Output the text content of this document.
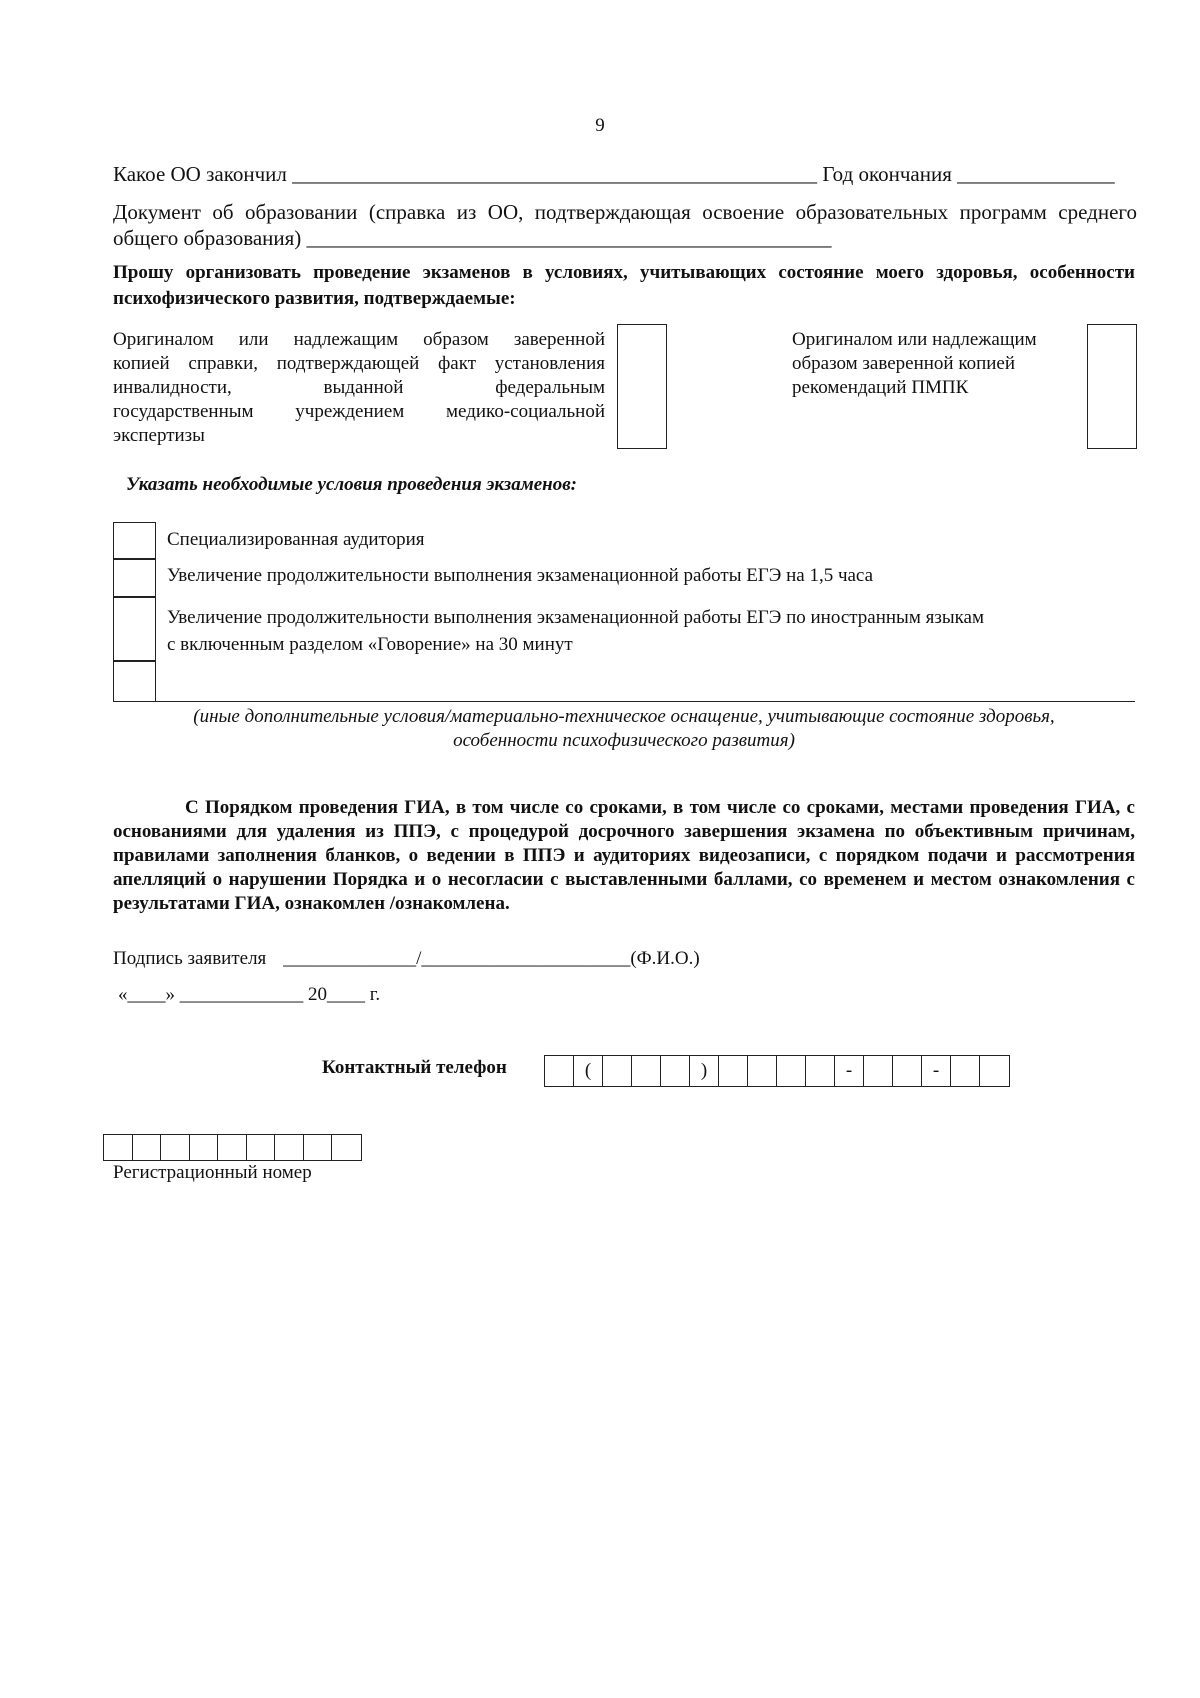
9
Какое ОО закончил __________________________________________________ Год окончания _______________
Документ об образовании (справка из ОО, подтверждающая освоение образовательных программ среднего
общего образования) __________________________________________________
Прошу организовать проведение экзаменов в условиях, учитывающих состояние моего здоровья, особенности психофизического развития, подтверждаемые:
Оригиналом или надлежащим образом заверенной
копией справки, подтверждающей факт установления
инвалидности, выданной федеральным
государственным учреждением медико-социальной
экспертизы
Оригиналом или надлежащим
образом заверенной копией
рекомендаций ПМПК
Указать необходимые условия проведения экзаменов:
Специализированная аудитория
Увеличение продолжительности выполнения экзаменационной работы ЕГЭ на 1,5 часа
Увеличение продолжительности выполнения экзаменационной работы ЕГЭ по иностранным языкам
с включенным разделом «Говорение» на 30 минут
(иные дополнительные условия/материально-техническое оснащение, учитывающие состояние здоровья,
особенности психофизического развития)
С Порядком проведения ГИА, в том числе со сроками, в том числе со сроками, местами проведения ГИА, с основаниями для удаления из ППЭ, с процедурой досрочного завершения экзамена по объективным причинам, правилами заполнения бланков, о ведении в ППЭ и аудиториях видеозаписи, с порядком подачи и рассмотрения апелляций о нарушении Порядка и о несогласии с выставленными баллами, со временем и местом ознакомления с результатами ГИА, ознакомлен /ознакомлена.
Подпись заявителя ______________/______________________(Ф.И.О.)
«____» _____________ 20____ г.
Контактный телефон	(	)	-	-
Регистрационный номер
